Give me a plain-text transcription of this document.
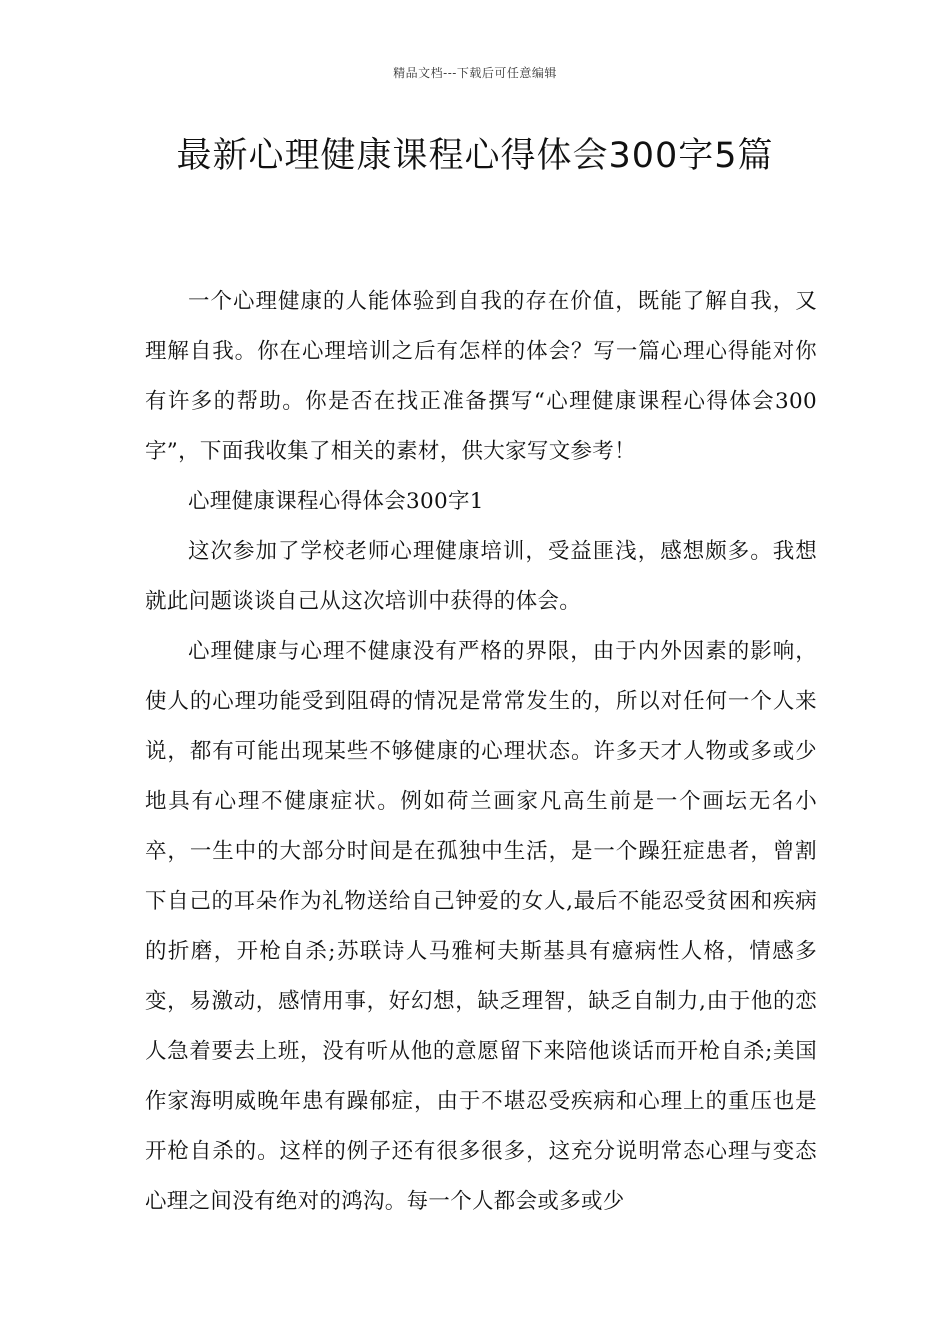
精品文档---下载后可任意编辑
最新心理健康课程心得体会300字5篇

一个心理健康的人能体验到自我的存在价值，既能了解自我，又理解自我。你在心理培训之后有怎样的体会？写一篇心理心得能对你有许多的帮助。你是否在找正准备撰写“心理健康课程心得体会300字”，下面我收集了相关的素材，供大家写文参考！

心理健康课程心得体会300字1

这次参加了学校老师心理健康培训，受益匪浅，感想颇多。我想就此问题谈谈自己从这次培训中获得的体会。

心理健康与心理不健康没有严格的界限，由于内外因素的影响，使人的心理功能受到阻碍的情况是常常发生的，所以对任何一个人来说，都有可能出现某些不够健康的心理状态。许多天才人物或多或少地具有心理不健康症状。例如荷兰画家凡高生前是一个画坛无名小卒，一生中的大部分时间是在孤独中生活，是一个躁狂症患者，曾割下自己的耳朵作为礼物送给自己钟爱的女人,最后不能忍受贫困和疾病的折磨，开枪自杀;苏联诗人马雅柯夫斯基具有癔病性人格，情感多变，易激动，感情用事，好幻想，缺乏理智，缺乏自制力,由于他的恋人急着要去上班，没有听从他的意愿留下来陪他谈话而开枪自杀;美国作家海明威晚年患有躁郁症，由于不堪忍受疾病和心理上的重压也是开枪自杀的。这样的例子还有很多很多，这充分说明常态心理与变态心理之间没有绝对的鸿沟。每一个人都会或多或少
